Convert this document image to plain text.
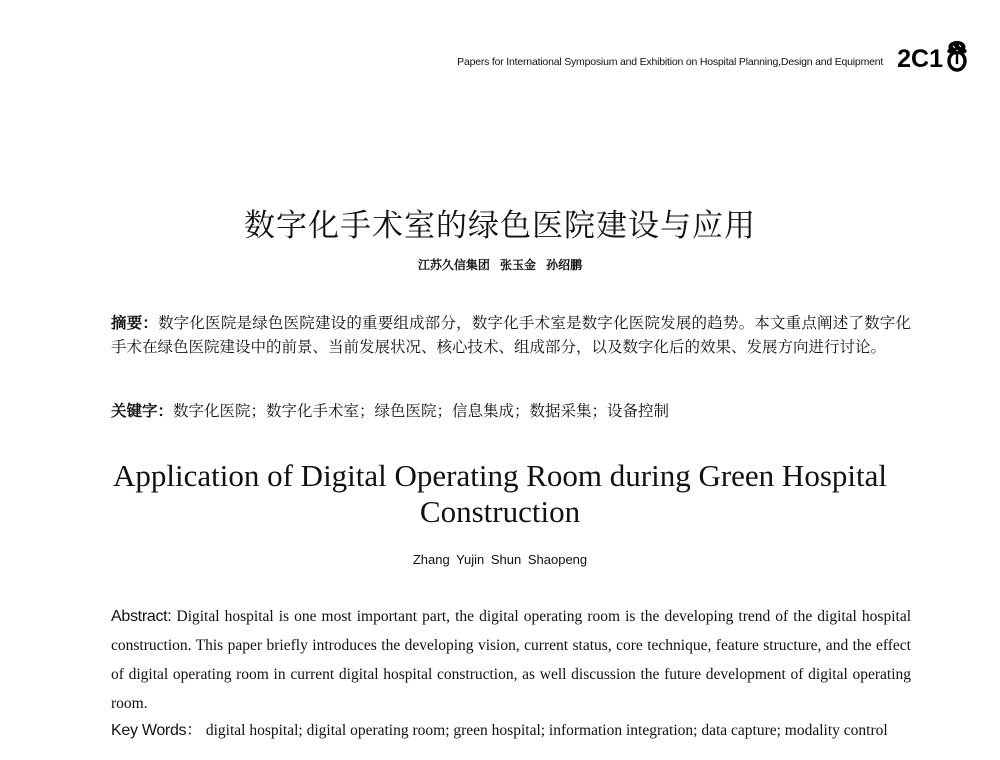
Papers for International Symposium and Exhibition on Hospital Planning,Design and Equipment 2C1
数字化手术室的绿色医院建设与应用
江苏久信集团 张玉金 孙绍鹏
摘要：数字化医院是绿色医院建设的重要组成部分，数字化手术室是数字化医院发展的趋势。本文重点阐述了数字化手术在绿色医院建设中的前景、当前发展状况、核心技术、组成部分，以及数字化后的效果、发展方向进行讨论。
关键字：数字化医院；数字化手术室；绿色医院；信息集成；数据采集；设备控制
Application of Digital Operating Room during Green Hospital
Construction
Zhang Yujin Shun Shaopeng
Abstract: Digital hospital is one most important part, the digital operating room is the developing trend of the digital hospital construction. This paper briefly introduces the developing vision, current status, core technique, feature structure, and the effect of digital operating room in current digital hospital construction, as well discussion the future development of digital operating room.
Key Words： digital hospital; digital operating room; green hospital; information integration; data capture; modality control
